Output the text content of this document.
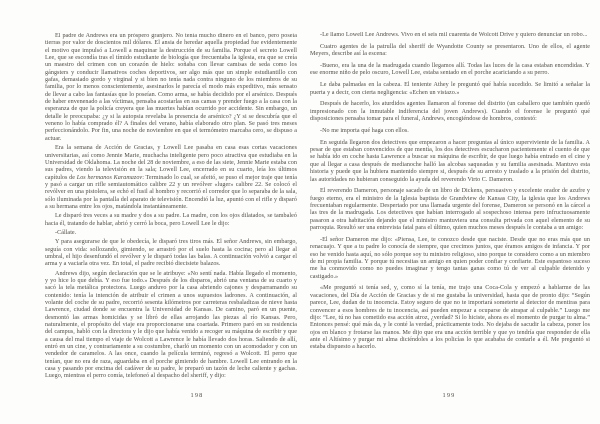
El padre de Andrews era un próspero granjero. No tenía mucho dinero en el banco, pero poseía tierras por valor de doscientos mil dólares. El ansia de heredar aquella propiedad fue evidentemente el motivo que impulsó a Lowell a maquinar la destrucción de su familia. Porque el secreto Lowell Lee, que se escondía tras el tímido estudiante de biología que frecuentaba la iglesia, era que se creía un maestro del crimen con un corazón de hielo: soñaba con llevar camisas de seda como los gángsters y conducir llamativos coches deportivos, ser algo más que un simple estudiantillo con gafas, demasiado gordo y virginal y si bien no tenía nada contra ninguno de los miembros de su familia, por lo menos conscientemente, asesinarlos le parecía el modo más expeditivo, más sensato de llevar a cabo las fantasías que lo poseían. Como arma, se había decidido por el arsénico. Después de haber envenenado a las víctimas, pensaba acostarlas en sus camas y prender fuego a la casa con la esperanza de que la policía creyera que las muertes habían ocurrido por accidente. Sin embargo, un detalle le preocupaba: ¿y si la autopsia revelaba la presencia de arsénico? ¿Y si se descubría que el veneno lo había comprado él? A finales del verano, había elaborado otro plan. Se pasó tres meses perfeccionándolo. Por fin, una noche de noviembre en que el termómetro marcaba cero, se dispuso a actuar.

Era la semana de Acción de Gracias, y Lowell Lee pasaba en casa esas cortas vacaciones universitarias, así como Jennie Marie, muchacha inteligente pero poco atractiva que estudiaba en la Universidad de Oklahoma. La noche del 28 de noviembre, a eso de las siete, Jennie Marie estaba con sus padres, viendo la televisión en la sala; Lowell Lee, encerrado en su cuarto, leía los últimos capítulos de Los hermanos Karamazov: Terminado lo cual, se afeitó, se puso el mejor traje que tenía y pasó a cargar un rifle semiautomático calibre 22 y un revólver «luger» calibre 22. Se colocó el revólver en una pistolera, se echó el fusil al hombro y recorrió el corredor que lo separaba de la sala, sólo iluminada por la pantalla del aparato de televisión. Encendió la luz, apuntó con el rifle y disparó a su hermana entre los ojos, matándola instantáneamente.

Le disparó tres veces a su madre y dos a su padre. La madre, con los ojos dilatados, se tambaleó hacia él, tratando de hablar, abrió y cerró la boca, pero Lowell Lee le dijo:

-Cállate.

Y para asegurarse de que le obedecía, le disparó tres tiros más. El señor Andrews, sin embargo, seguía con vida: sollozando, gimiendo, se arrastró por el suelo hasta la cocina; pero al llegar al umbral, el hijo desenfundó el revólver y le disparó todas las balas. A continuación volvió a cargar el arma y a vaciarla otra vez. En total, el padre recibió diecisiete balazos.

Andrews dijo, según declaración que se le atribuye: «No sentí nada. Había llegado el momento, y yo hice lo que debía. Y eso fue todo.» Después de los disparos, abrió una ventana de su cuarto y sacó la tela metálica protectora. Luego anduvo por la casa abriendo cajones y desparramando su contenido: tenía la intención de atribuir el crimen a unos supuestos ladrones. A continuación, al volante del coche de su padre, recorrió sesenta kilómetros por carreteras resbaladizas de nieve hasta Lawrence, ciudad donde se encuentra la Universidad de Kansas. De camino, paró en un puente, desmontó las armas homicidas y se libró de ellas arrojando las piezas al río Kansas. Pero, naturalmente, el propósito del viaje era proporcionarse una coartada. Primero paró en su residencia del campus, habló con la directora y le dijo que había venido a recoger su máquina de escribir y que a causa del mal tiempo el viaje de Wolcott a Lawrence le había llevado dos horas. Saliendo de allí, entró en un cine, y contrariamente a su costumbre, charló un momento con un acomodador y con un vendedor de caramelos. A las once, cuando la película terminó, regresó a Wolcott. El perro que tenían, que no era de raza, aguardaba en el porche gimiendo de hambre. Lowell Lee entrando en la casa y pasando por encima del cadáver de su padre, le preparó un tazón de leche caliente y gachas. Luego, mientras el perro comía, telefoneó al despacho del sheriff, y dijo:

-Le llamo Lowell Lee Andrews. Vivo en el seis mil cuarenta de Wolcott Drive y quiero denunciar un robo...

Cuatro agentes de la patrulla del sheriff de Wyandotte County se presentaron. Uno de ellos, el agente Meyers, describe así la escena:

-Bueno, era la una de la madrugada cuando llegamos allí. Todas las luces de la casa estaban encendidas. Y ese enorme niño de pelo oscuro, Lowell Lee, estaba sentado en el porche acariciando a su perro.

Le daba palmadas en la cabeza. El teniente Athey le preguntó qué había sucedido. Se limitó a señalar la puerta y a decir, con cierta negligencia: «Echen un vistazo.»

Después de hacerlo, los aturdidos agentes llamaron al forense del distrito (un caballero que también quedó impresionado con la inmutable indiferencia del joven Andrews). Cuando el forense le preguntó qué disposiciones pensaba tomar para el funeral, Andrews, encogiéndose de hombros, contestó:

-No me importa qué haga con ellos.

En seguida llegaron dos detectives que empezaron a hacer preguntas al único superviviente de la familia. A pesar de que estaban convencidos de que mentía, los dos detectives escucharon pacientemente el cuento de que se había ido en coche hasta Lawrence a buscar su máquina de escribir, de que luego había entrado en el cine y que al llegar a casa después de medianoche halló las alcobas saqueadas y su familia asesinada. Mantuvo esta historia y puede que la hubiera mantenido siempre si, después de su arresto y traslado a la prisión del distrito, las autoridades no hubieran conseguido la ayuda del reverendo Virto C. Dameron.

El reverendo Dameron, personaje sacado de un libro de Dickens, persuasivo y excelente orador de azufre y fuego eterno, era el ministro de la Iglesia baptista de Grandview de Kansas City, la iglesia que los Andrews frecuentaban regularmente. Despertado por una llamada urgente del forense, Dameron se personó en la cárcel a las tres de la madrugada. Los detectives que habían interrogado al sospechoso intensa pero infructuosamente pasaron a otra habitación dejando que el ministro mantuviera una consulta privada con aquel elemento de su parroquia. Resultó ser una entrevista fatal para el último, quien muchos meses después le contaba a un amigo:

-El señor Dameron me dijo: «Piensa, Lee, te conozco desde que naciste. Desde que no eras más que un renacuajo. Y que a tu padre lo conocía de siempre, que crecimos juntos, que éramos amigos de infancia. Y por eso he venido hasta aquí, no sólo porque soy tu ministro religioso, sino porque te considero como a un miembro de mi propia familia. Y porque tú necesitas un amigo en quien poder confiar y confiarte. Este espantoso suceso me ha conmovido como no puedes imaginar y tengo tantas ganas como tú de ver al culpable detenido y castigado.»

«Me preguntó si tenía sed, y, como sí la tenía, me trajo una Coca-Cola y empezó a hablarme de las vacaciones, del Día de Acción de Gracias y de si me gustaba la universidad, hasta que de pronto dijo: “Según parece, Lee, dudan de tu inocencia. Estoy seguro de que no te importará someterte al detector de mentiras para convencer a esos hombres de tu inocencia, así pueden empezar a ocuparse de atrapar al culpable.” Luego me dijo: “Lee, tú no has cometido esa acción atroz, ¿verdad? Si lo hiciste, ahora es el momento de purgar tu alma.” Entonces pensé: qué más da, y le conté la verdad, prácticamente todo. No dejaba de sacudir la cabeza, poner los ojos en blanco y frotarse las manos. Me dijo que era una acción terrible y que yo tendría que responder de ella ante el Altísimo y purgar mi alma diciéndoles a los policías lo que acababa de contarle a él. Me preguntó si estaba dispuesto a hacerlo.

198	199
